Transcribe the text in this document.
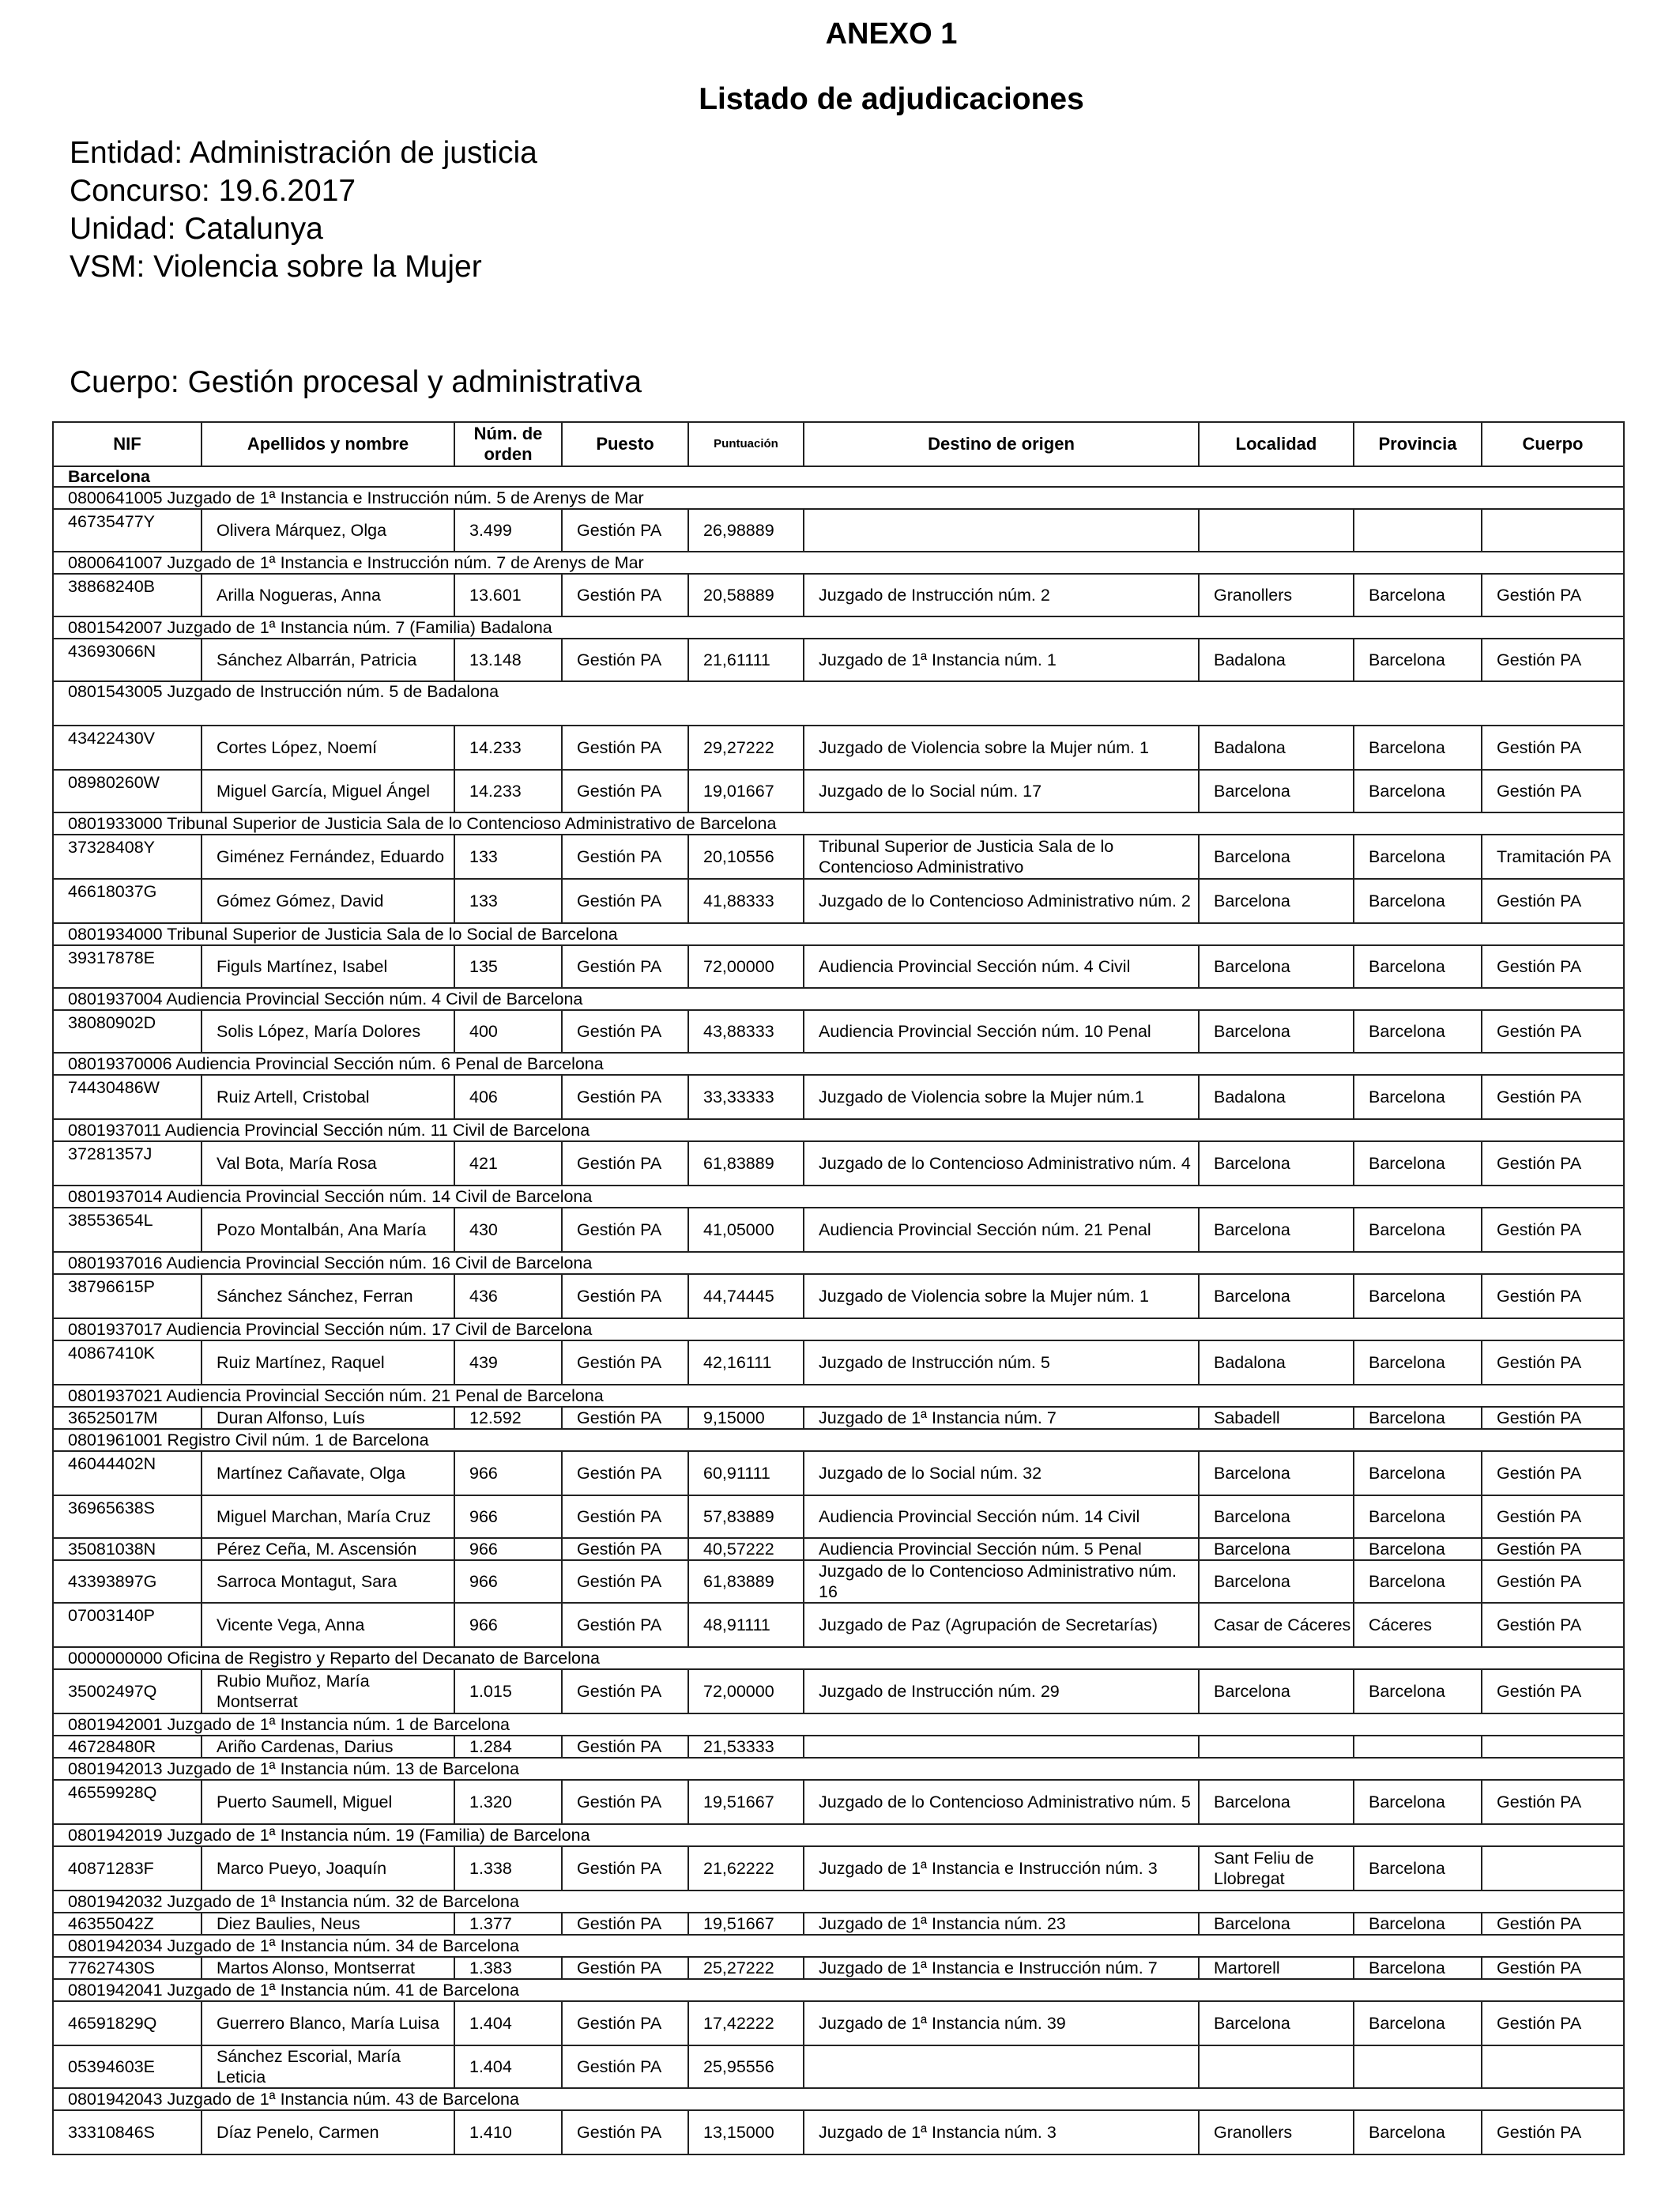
ANEXO 1
Listado de adjudicaciones
Entidad: Administración de justicia
Concurso: 19.6.2017
Unidad: Catalunya
VSM: Violencia sobre la Mujer
Cuerpo: Gestión procesal y administrativa
NIF	Apellidos y nombre	Núm. de orden	Puesto	Puntuación	Destino de origen	Localidad	Provincia	Cuerpo
Barcelona								
0800641005 Juzgado de 1ª Instancia e Instrucción núm. 5 de Arenys de Mar								
46735477Y	Olivera Márquez, Olga	3.499	Gestión PA	26,98889				
0800641007 Juzgado de 1ª Instancia e Instrucción núm. 7 de Arenys de Mar								
38868240B	Arilla Nogueras, Anna	13.601	Gestión PA	20,58889	Juzgado de Instrucción núm. 2	Granollers	Barcelona	Gestión PA
0801542007 Juzgado de 1ª Instancia núm. 7 (Familia) Badalona								
43693066N	Sánchez Albarrán, Patricia	13.148	Gestión PA	21,61111	Juzgado de 1ª Instancia núm. 1	Badalona	Barcelona	Gestión PA
0801543005 Juzgado de Instrucción núm. 5 de Badalona								
43422430V	Cortes López, Noemí	14.233	Gestión PA	29,27222	Juzgado de Violencia sobre la Mujer núm. 1	Badalona	Barcelona	Gestión PA
08980260W	Miguel García, Miguel Ángel	14.233	Gestión PA	19,01667	Juzgado de lo Social núm. 17	Barcelona	Barcelona	Gestión PA
0801933000 Tribunal Superior de Justicia Sala de lo Contencioso Administrativo de Barcelona								
37328408Y	Giménez Fernández, Eduardo	133	Gestión PA	20,10556	Tribunal Superior de Justicia Sala de lo Contencioso Administrativo	Barcelona	Barcelona	Tramitación PA
46618037G	Gómez Gómez, David	133	Gestión PA	41,88333	Juzgado de lo Contencioso Administrativo núm. 2	Barcelona	Barcelona	Gestión PA
0801934000 Tribunal Superior de Justicia Sala de lo Social de Barcelona								
39317878E	Figuls Martínez, Isabel	135	Gestión PA	72,00000	Audiencia Provincial Sección núm. 4 Civil	Barcelona	Barcelona	Gestión PA
0801937004 Audiencia Provincial Sección núm. 4 Civil de Barcelona								
38080902D	Solis López, María Dolores	400	Gestión PA	43,88333	Audiencia Provincial Sección núm. 10 Penal	Barcelona	Barcelona	Gestión PA
08019370006 Audiencia Provincial Sección núm. 6 Penal de Barcelona								
74430486W	Ruiz Artell, Cristobal	406	Gestión PA	33,33333	Juzgado de Violencia sobre la Mujer núm.1	Badalona	Barcelona	Gestión PA
0801937011 Audiencia Provincial Sección núm. 11 Civil de Barcelona								
37281357J	Val Bota, María Rosa	421	Gestión PA	61,83889	Juzgado de lo Contencioso Administrativo núm. 4	Barcelona	Barcelona	Gestión PA
0801937014 Audiencia Provincial Sección núm. 14 Civil de Barcelona								
38553654L	Pozo Montalbán, Ana María	430	Gestión PA	41,05000	Audiencia Provincial Sección núm. 21 Penal	Barcelona	Barcelona	Gestión PA
0801937016 Audiencia Provincial Sección núm. 16 Civil de Barcelona								
38796615P	Sánchez Sánchez, Ferran	436	Gestión PA	44,74445	Juzgado de Violencia sobre la Mujer núm. 1	Barcelona	Barcelona	Gestión PA
0801937017 Audiencia Provincial Sección núm. 17 Civil de Barcelona								
40867410K	Ruiz Martínez, Raquel	439	Gestión PA	42,16111	Juzgado de Instrucción núm. 5	Badalona	Barcelona	Gestión PA
0801937021 Audiencia Provincial Sección núm. 21 Penal de Barcelona								
36525017M	Duran Alfonso, Luís	12.592	Gestión PA	9,15000	Juzgado de 1ª Instancia núm. 7	Sabadell	Barcelona	Gestión PA
0801961001 Registro Civil núm. 1 de Barcelona								
46044402N	Martínez Cañavate, Olga	966	Gestión PA	60,91111	Juzgado de lo Social núm. 32	Barcelona	Barcelona	Gestión PA
36965638S	Miguel Marchan, María Cruz	966	Gestión PA	57,83889	Audiencia Provincial Sección núm. 14 Civil	Barcelona	Barcelona	Gestión PA
35081038N	Pérez Ceña, M. Ascensión	966	Gestión PA	40,57222	Audiencia Provincial Sección núm. 5 Penal	Barcelona	Barcelona	Gestión PA
43393897G	Sarroca Montagut, Sara	966	Gestión PA	61,83889	Juzgado de lo Contencioso Administrativo núm. 16	Barcelona	Barcelona	Gestión PA
07003140P	Vicente Vega, Anna	966	Gestión PA	48,91111	Juzgado de Paz (Agrupación de Secretarías)	Casar de Cáceres	Cáceres	Gestión PA
0000000000 Oficina de Registro y Reparto del Decanato de Barcelona								
35002497Q	Rubio Muñoz, María Montserrat	1.015	Gestión PA	72,00000	Juzgado de Instrucción núm. 29	Barcelona	Barcelona	Gestión PA
0801942001 Juzgado de 1ª Instancia núm. 1 de Barcelona								
46728480R	Ariño Cardenas, Darius	1.284	Gestión PA	21,53333				
0801942013 Juzgado de 1ª Instancia núm. 13 de Barcelona								
46559928Q	Puerto Saumell, Miguel	1.320	Gestión PA	19,51667	Juzgado de lo Contencioso Administrativo núm. 5	Barcelona	Barcelona	Gestión PA
0801942019 Juzgado de 1ª Instancia núm. 19 (Familia) de Barcelona								
40871283F	Marco Pueyo, Joaquín	1.338	Gestión PA	21,62222	Juzgado de 1ª Instancia e Instrucción núm. 3	Sant Feliu de Llobregat	Barcelona	
0801942032 Juzgado de 1ª Instancia núm. 32 de Barcelona								
46355042Z	Diez Baulies, Neus	1.377	Gestión PA	19,51667	Juzgado de 1ª Instancia núm. 23	Barcelona	Barcelona	Gestión PA
0801942034 Juzgado de 1ª Instancia núm. 34 de Barcelona								
77627430S	Martos Alonso, Montserrat	1.383	Gestión PA	25,27222	Juzgado de 1ª Instancia e Instrucción núm. 7	Martorell	Barcelona	Gestión PA
0801942041 Juzgado de 1ª Instancia núm. 41 de Barcelona								
46591829Q	Guerrero Blanco, María Luisa	1.404	Gestión PA	17,42222	Juzgado de 1ª Instancia núm. 39	Barcelona	Barcelona	Gestión PA
05394603E	Sánchez Escorial, María Leticia	1.404	Gestión PA	25,95556				
0801942043 Juzgado de 1ª Instancia núm. 43 de Barcelona								
33310846S	Díaz Penelo, Carmen	1.410	Gestión PA	13,15000	Juzgado de 1ª Instancia núm. 3	Granollers	Barcelona	Gestión PA
